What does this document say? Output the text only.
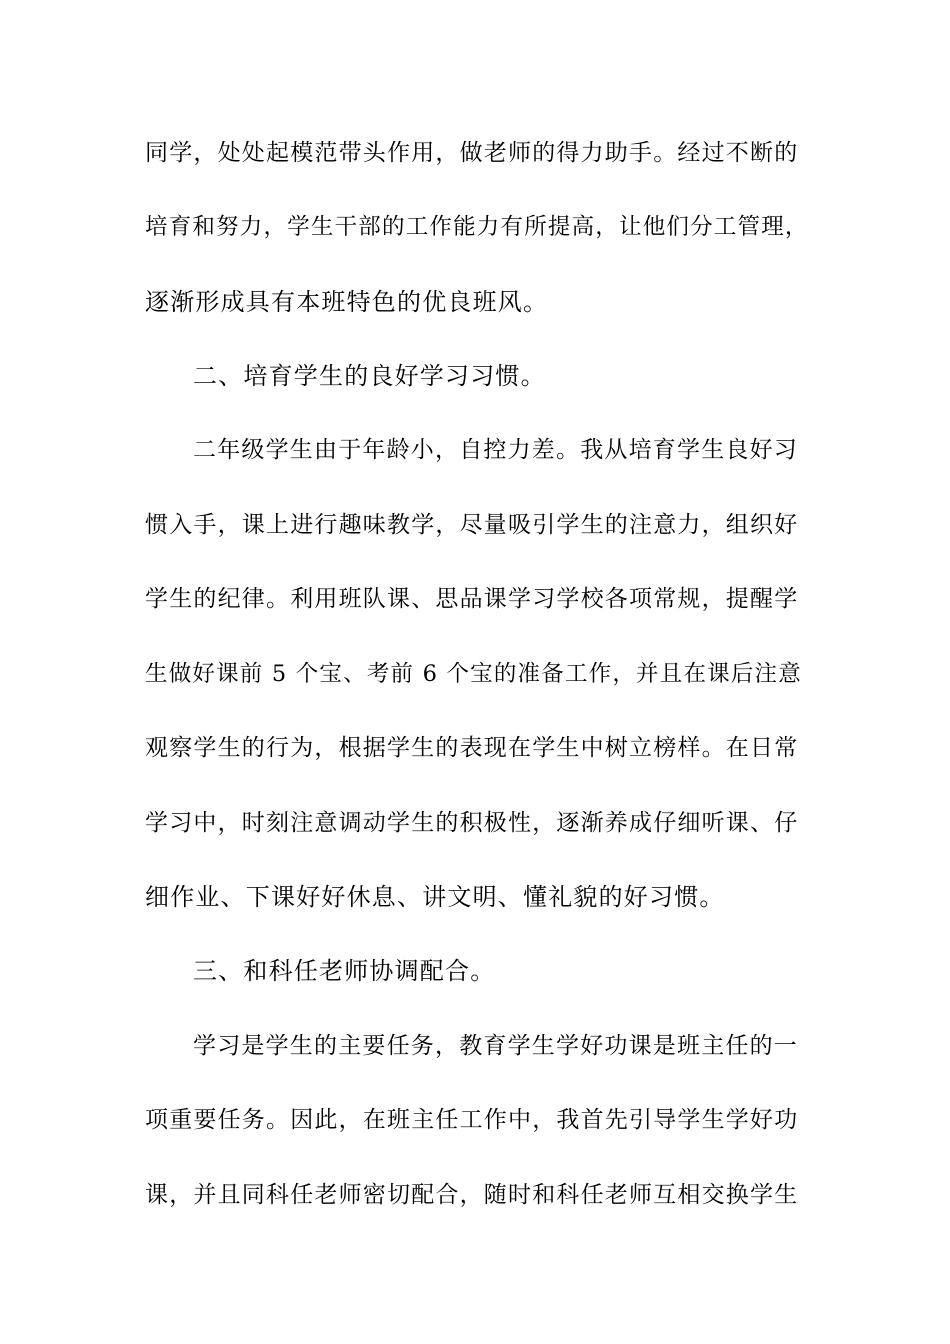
同学，处处起模范带头作用，做老师的得力助手。经过不断的

培育和努力，学生干部的工作能力有所提高，让他们分工管理，

逐渐形成具有本班特色的优良班风。

二、培育学生的良好学习习惯。

二年级学生由于年龄小，自控力差。我从培育学生良好习

惯入手，课上进行趣味教学，尽量吸引学生的注意力，组织好

学生的纪律。利用班队课、思品课学习学校各项常规，提醒学

生做好课前 5 个宝、考前 6 个宝的准备工作，并且在课后注意

观察学生的行为，根据学生的表现在学生中树立榜样。在日常

学习中，时刻注意调动学生的积极性，逐渐养成仔细听课、仔

细作业、下课好好休息、讲文明、懂礼貌的好习惯。

三、和科任老师协调配合。

学习是学生的主要任务，教育学生学好功课是班主任的一

项重要任务。因此，在班主任工作中，我首先引导学生学好功

课，并且同科任老师密切配合，随时和科任老师互相交换学生
